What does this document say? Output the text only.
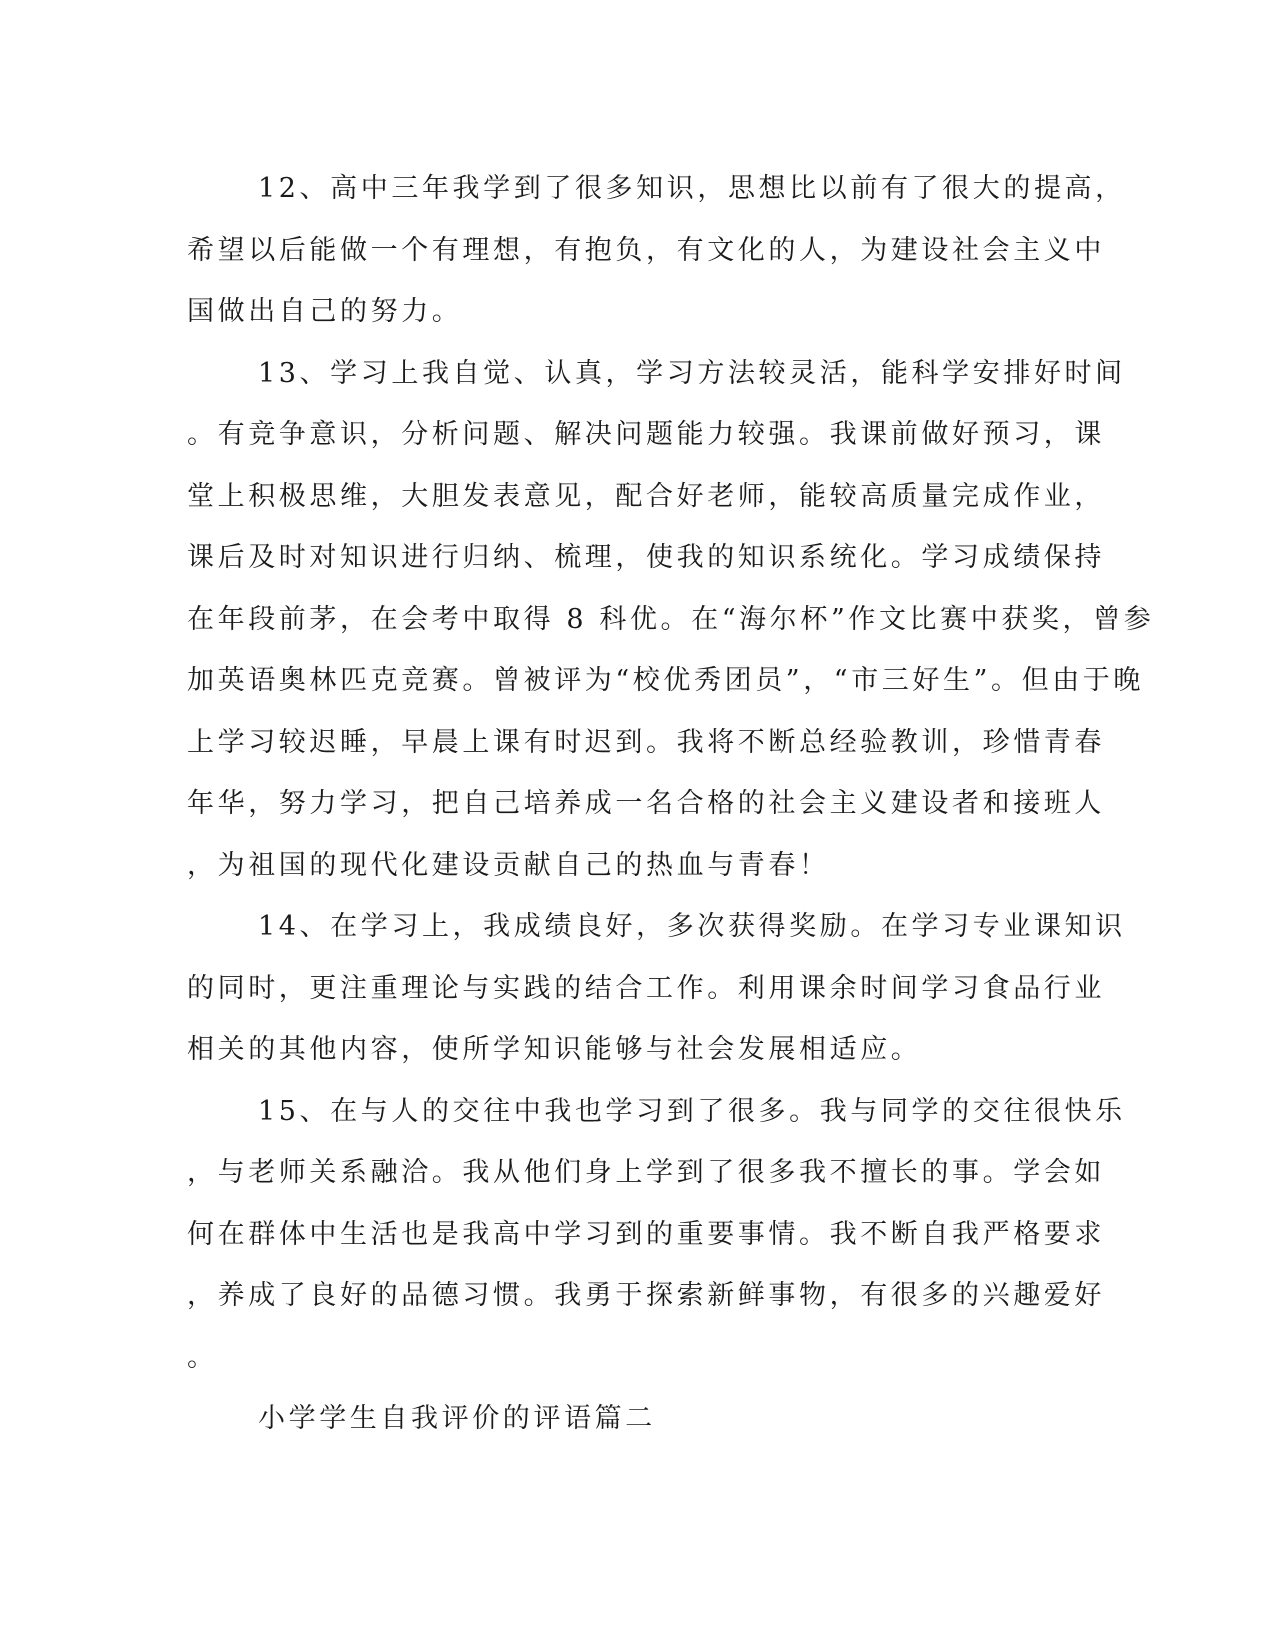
12、高中三年我学到了很多知识，思想比以前有了很大的提高，
希望以后能做一个有理想，有抱负，有文化的人，为建设社会主义中
国做出自己的努力。
13、学习上我自觉、认真，学习方法较灵活，能科学安排好时间
。有竞争意识，分析问题、解决问题能力较强。我课前做好预习，课
堂上积极思维，大胆发表意见，配合好老师，能较高质量完成作业，
课后及时对知识进行归纳、梳理，使我的知识系统化。学习成绩保持
在年段前茅，在会考中取得 8 科优。在“海尔杯”作文比赛中获奖，曾参
加英语奥林匹克竞赛。曾被评为“校优秀团员”，“市三好生”。但由于晚
上学习较迟睡，早晨上课有时迟到。我将不断总经验教训，珍惜青春
年华，努力学习，把自己培养成一名合格的社会主义建设者和接班人
，为祖国的现代化建设贡献自己的热血与青春！
14、在学习上，我成绩良好，多次获得奖励。在学习专业课知识
的同时，更注重理论与实践的结合工作。利用课余时间学习食品行业
相关的其他内容，使所学知识能够与社会发展相适应。
15、在与人的交往中我也学习到了很多。我与同学的交往很快乐
，与老师关系融洽。我从他们身上学到了很多我不擅长的事。学会如
何在群体中生活也是我高中学习到的重要事情。我不断自我严格要求
，养成了良好的品德习惯。我勇于探索新鲜事物，有很多的兴趣爱好
。
小学学生自我评价的评语篇二
